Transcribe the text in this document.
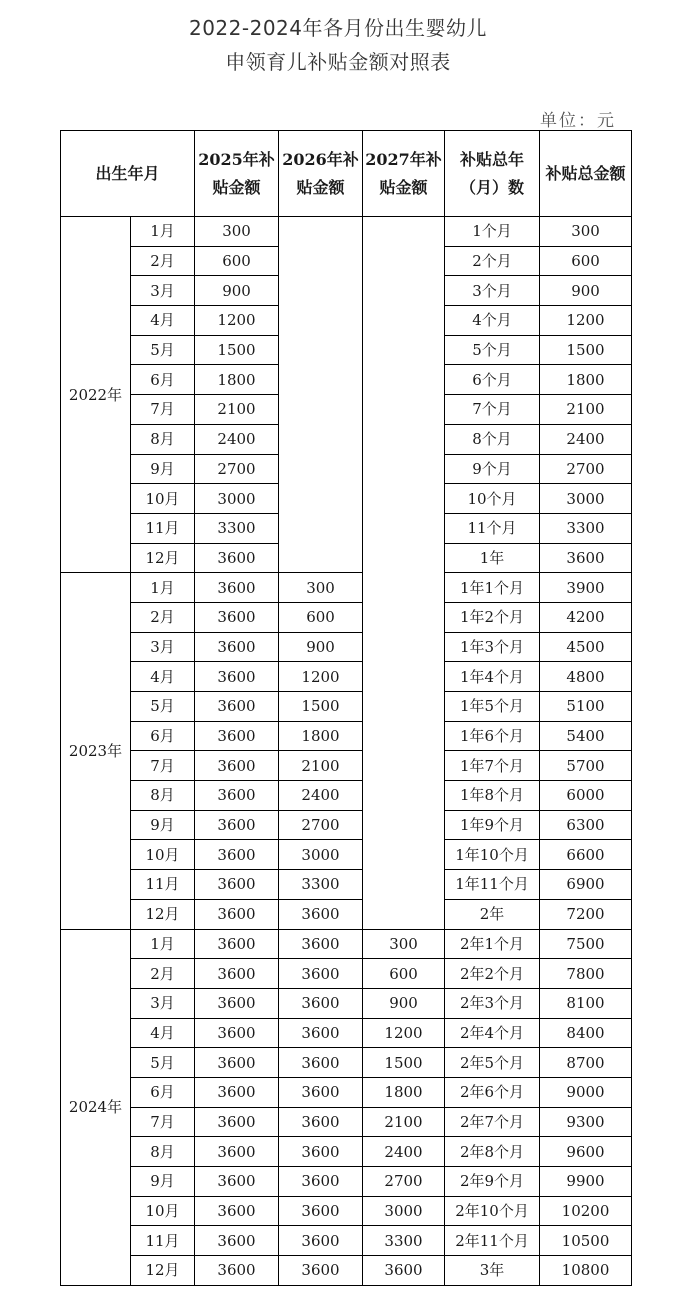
2022-2024年各月份出生婴幼儿
申领育儿补贴金额对照表
单位：元
出生年月		2025年补贴金额	2026年补贴金额	2027年补贴金额	补贴总年（月）数	补贴总金额
2022年	1月	300			1个月	300
	2月	600			2个月	600
	3月	900			3个月	900
	4月	1200			4个月	1200
	5月	1500			5个月	1500
	6月	1800			6个月	1800
	7月	2100			7个月	2100
	8月	2400			8个月	2400
	9月	2700			9个月	2700
	10月	3000			10个月	3000
	11月	3300			11个月	3300
	12月	3600			1年	3600
2023年	1月	3600	300		1年1个月	3900
	2月	3600	600		1年2个月	4200
	3月	3600	900		1年3个月	4500
	4月	3600	1200		1年4个月	4800
	5月	3600	1500		1年5个月	5100
	6月	3600	1800		1年6个月	5400
	7月	3600	2100		1年7个月	5700
	8月	3600	2400		1年8个月	6000
	9月	3600	2700		1年9个月	6300
	10月	3600	3000		1年10个月	6600
	11月	3600	3300		1年11个月	6900
	12月	3600	3600		2年	7200
2024年	1月	3600	3600	300	2年1个月	7500
	2月	3600	3600	600	2年2个月	7800
	3月	3600	3600	900	2年3个月	8100
	4月	3600	3600	1200	2年4个月	8400
	5月	3600	3600	1500	2年5个月	8700
	6月	3600	3600	1800	2年6个月	9000
	7月	3600	3600	2100	2年7个月	9300
	8月	3600	3600	2400	2年8个月	9600
	9月	3600	3600	2700	2年9个月	9900
	10月	3600	3600	3000	2年10个月	10200
	11月	3600	3600	3300	2年11个月	10500
	12月	3600	3600	3600	3年	10800
